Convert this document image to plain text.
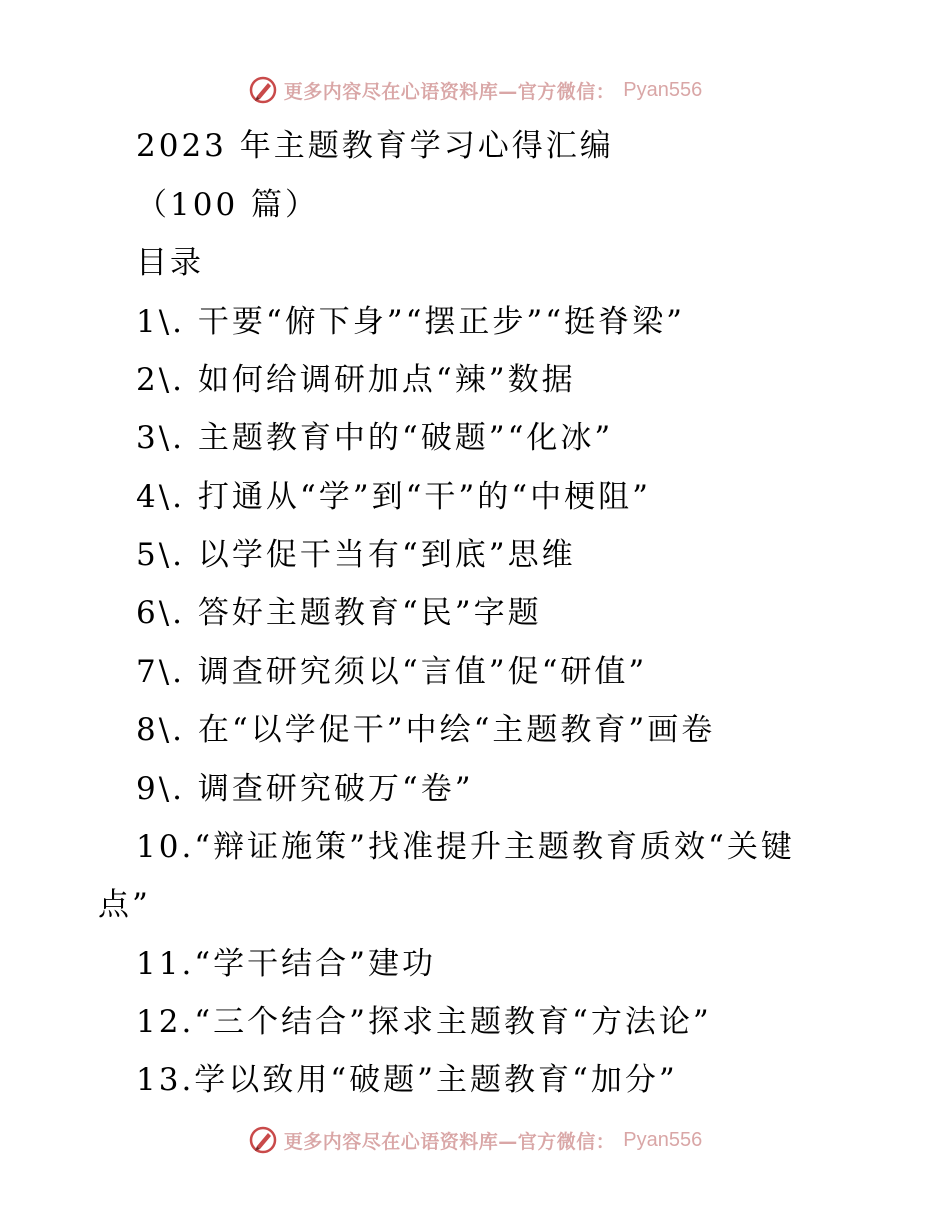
更多内容尽在心语资料库—官方微信： Pyan556
2023 年主题教育学习心得汇编
（100 篇）
目录
1\. 干要“俯下身”“摆正步”“挺脊梁”
2\. 如何给调研加点“辣”数据
3\. 主题教育中的“破题”“化冰”
4\. 打通从“学”到“干”的“中梗阻”
5\. 以学促干当有“到底”思维
6\. 答好主题教育“民”字题
7\. 调查研究须以“言值”促“研值”
8\. 在“以学促干”中绘“主题教育”画卷
9\. 调查研究破万“卷”
10.“辩证施策”找准提升主题教育质效“关键
点”
11.“学干结合”建功
12.“三个结合”探求主题教育“方法论”
13.学以致用“破题”主题教育“加分”
更多内容尽在心语资料库—官方微信： Pyan556
